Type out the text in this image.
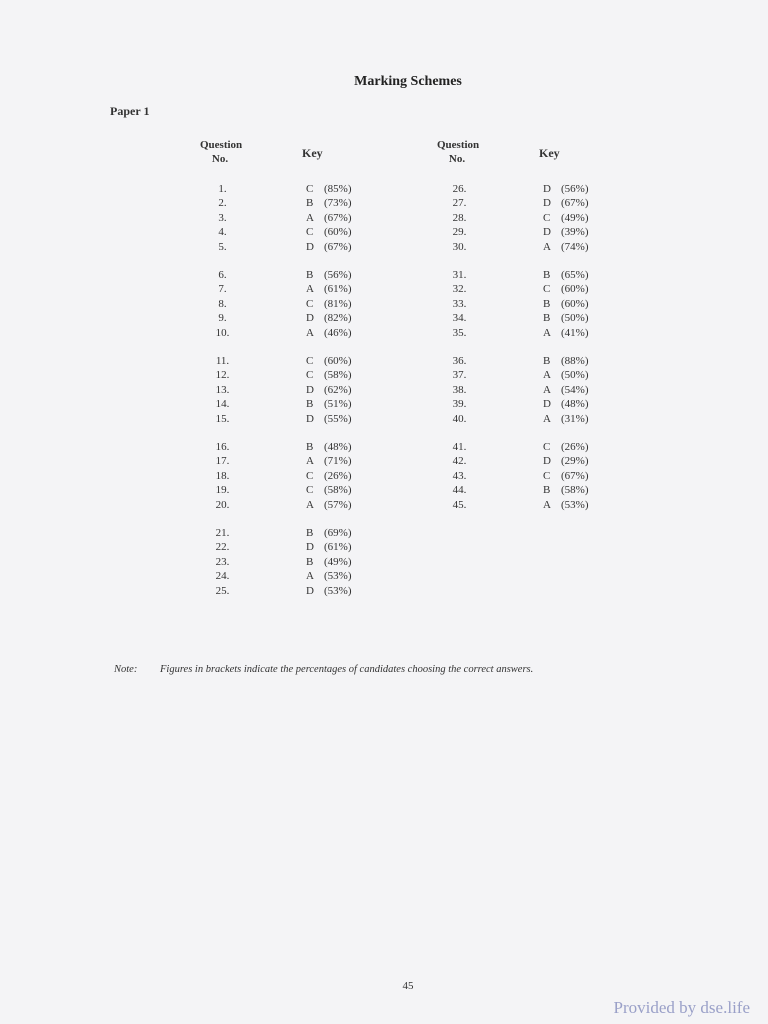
Marking Schemes
Paper 1
Question
No.	Key
1.	C (85%)
2.	B (73%)
3.	A (67%)
4.	C (60%)
5.	D (67%)
6.	B (56%)
7.	A (61%)
8.	C (81%)
9.	D (82%)
10.	A (46%)
11.	C (60%)
12.	C (58%)
13.	D (62%)
14.	B (51%)
15.	D (55%)
16.	B (48%)
17.	A (71%)
18.	C (26%)
19.	C (58%)
20.	A (57%)
21.	B (69%)
22.	D (61%)
23.	B (49%)
24.	A (53%)
25.	D (53%)
Question
No.	Key
26.	D (56%)
27.	D (67%)
28.	C (49%)
29.	D (39%)
30.	A (74%)
31.	B (65%)
32.	C (60%)
33.	B (60%)
34.	B (50%)
35.	A (41%)
36.	B (88%)
37.	A (50%)
38.	A (54%)
39.	D (48%)
40.	A (31%)
41.	C (26%)
42.	D (29%)
43.	C (67%)
44.	B (58%)
45.	A (53%)
Note: Figures in brackets indicate the percentages of candidates choosing the correct answers.
45
Provided by dse.life
